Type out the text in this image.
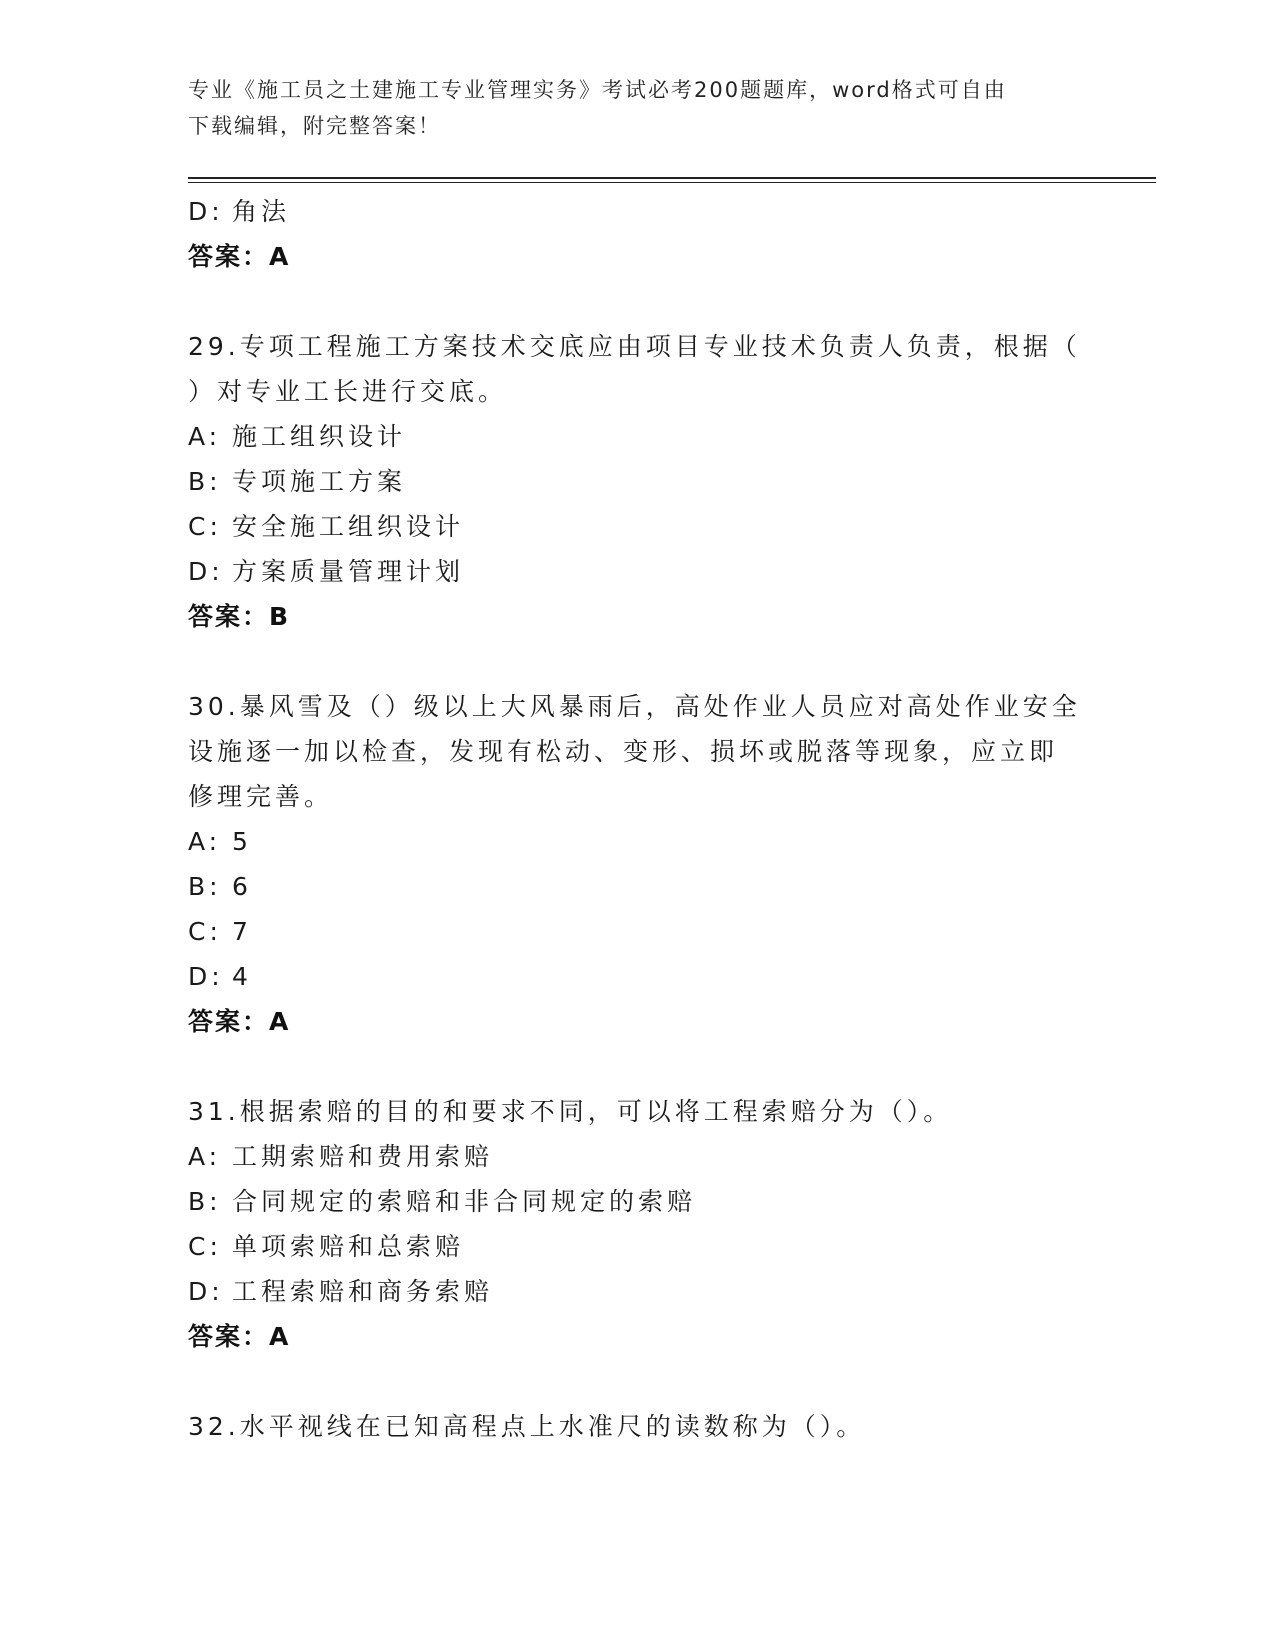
专业《施工员之土建施工专业管理实务》考试必考200题题库，word格式可自由
下载编辑，附完整答案！
D: 角法
答案：A
29.专项工程施工方案技术交底应由项目专业技术负责人负责，根据（
）对专业工长进行交底。
A: 施工组织设计
B: 专项施工方案
C: 安全施工组织设计
D: 方案质量管理计划
答案：B
30.暴风雪及（）级以上大风暴雨后，高处作业人员应对高处作业安全
设施逐一加以检查，发现有松动、变形、损坏或脱落等现象，应立即
修理完善。
A: 5
B: 6
C: 7
D: 4
答案：A
31.根据索赔的目的和要求不同，可以将工程索赔分为（）。
A: 工期索赔和费用索赔
B: 合同规定的索赔和非合同规定的索赔
C: 单项索赔和总索赔
D: 工程索赔和商务索赔
答案：A
32.水平视线在已知高程点上水准尺的读数称为（）。
